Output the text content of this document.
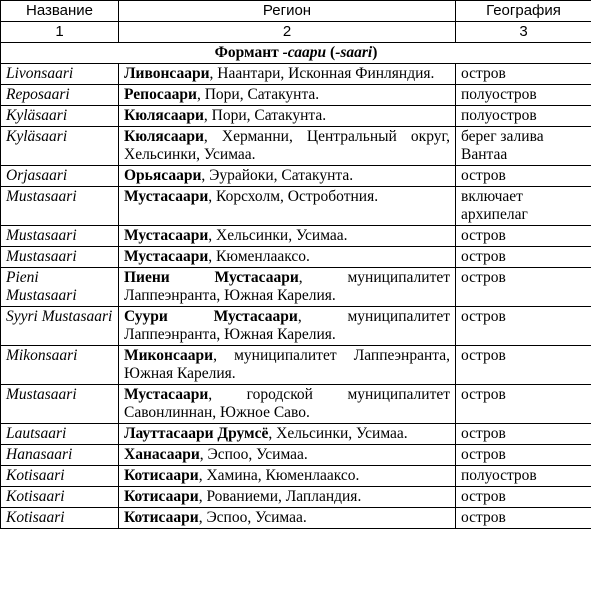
Название	Регион	География
1	2	3
Формант -саари (-saari)		
Livonsaari	Ливонсаари, Наантари, Исконная Финляндия.	остров
Reposaari	Репосаари, Пори, Сатакунта.	полуостров
Kyläsaari	Кюлясаари, Пори, Сатакунта.	полуостров
Kyläsaari	Кюлясаари, Херманни, Центральный округ, Хельсинки, Усимаа.	берег залива Вантаа
Orjasaari	Орьясаари, Эурайоки, Сатакунта.	остров
Mustasaari	Мустасаари, Корсхолм, Остроботния.	включает архипелаг
Mustasaari	Мустасаари, Хельсинки, Усимаа.	остров
Mustasaari	Мустасаари, Кюменлааксо.	остров
Pieni Mustasaari	Пиени Мустасаари, муниципалитет Лаппеэнранта, Южная Карелия.	остров
Syyri Mustasaari	Суури Мустасаари, муниципалитет Лаппеэнранта, Южная Карелия.	остров
Mikonsaari	Миконсаари, муниципалитет Лаппеэнранта, Южная Карелия.	остров
Mustasaari	Мустасаари, городской муниципалитет Савонлиннан, Южное Саво.	остров
Lautsaari	Лауттасаари Друмсё, Хельсинки, Усимаа.	остров
Hanasaari	Ханасаари, Эспоо, Усимаа.	остров
Kotisaari	Котисаари, Хамина, Кюменлааксо.	полуостров
Kotisaari	Котисаари, Рованиеми, Лапландия.	остров
Kotisaari	Котисаари, Эспоо, Усимаа.	остров
